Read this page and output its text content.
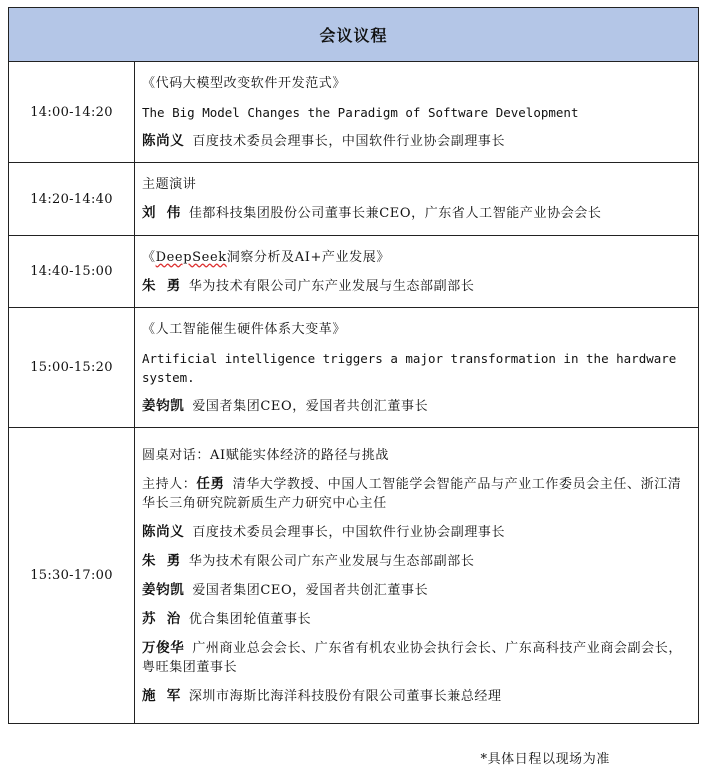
会议议程
14:00-14:20
《代码大模型改变软件开发范式》
The Big Model Changes the Paradigm of Software Development
陈尚义 百度技术委员会理事长，中国软件行业协会副理事长
14:20-14:40
主题演讲
刘  伟 佳都科技集团股份公司董事长兼CEO，广东省人工智能产业协会会长
14:40-15:00
《DeepSeek洞察分析及AI+产业发展》
朱  勇 华为技术有限公司广东产业发展与生态部副部长
15:00-15:20
《人工智能催生硬件体系大变革》
Artificial intelligence triggers a major transformation in the hardware system.
姜钧凯 爱国者集团CEO，爱国者共创汇董事长
15:30-17:00
圆桌对话：AI赋能实体经济的路径与挑战
主持人：任勇 清华大学教授、中国人工智能学会智能产品与产业工作委员会主任、浙江清华长三角研究院新质生产力研究中心主任
陈尚义 百度技术委员会理事长，中国软件行业协会副理事长
朱  勇 华为技术有限公司广东产业发展与生态部副部长
姜钧凯 爱国者集团CEO，爱国者共创汇董事长
苏  治 优合集团轮值董事长
万俊华 广州商业总会会长、广东省有机农业协会执行会长、广东高科技产业商会副会长，粤旺集团董事长
施  军 深圳市海斯比海洋科技股份有限公司董事长兼总经理
*具体日程以现场为准
